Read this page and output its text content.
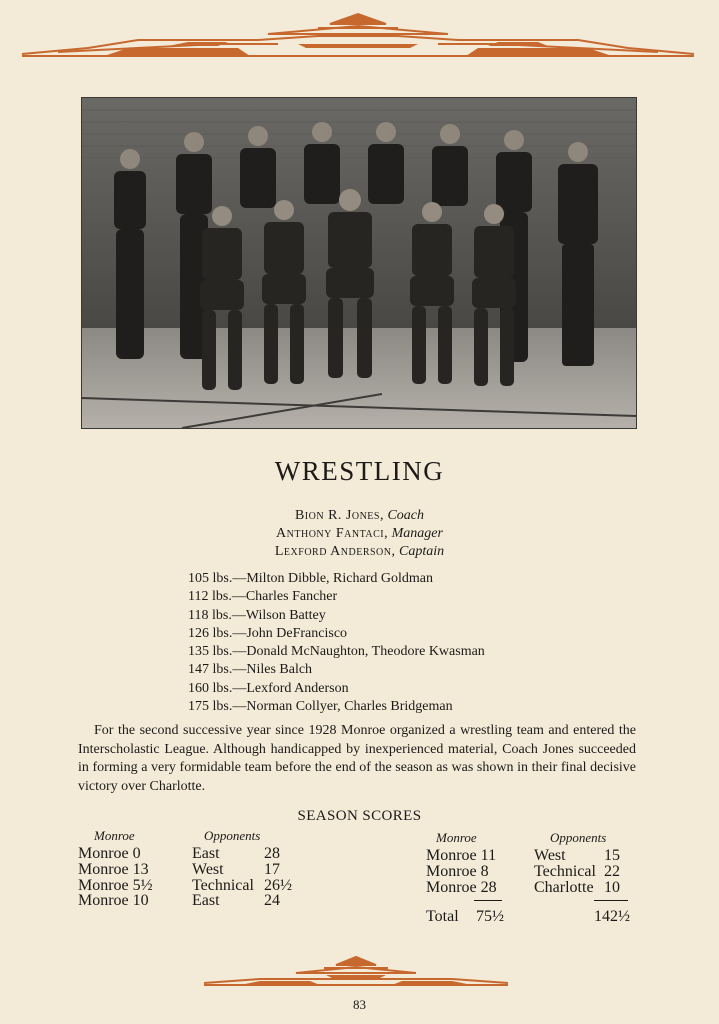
WRESTLING
Bion R. Jones, Coach
Anthony Fantaci, Manager
Lexford Anderson, Captain
105 lbs.—Milton Dibble, Richard Goldman
112 lbs.—Charles Fancher
118 lbs.—Wilson Battey
126 lbs.—John DeFrancisco
135 lbs.—Donald McNaughton, Theodore Kwasman
147 lbs.—Niles Balch
160 lbs.—Lexford Anderson
175 lbs.—Norman Collyer, Charles Bridgeman
For the second successive year since 1928 Monroe organized a wrestling team and entered the Interscholastic League. Although handicapped by inexperienced material, Coach Jones succeeded in forming a very formidable team before the end of the season as was shown in their final decisive victory over Charlotte.
SEASON SCORES
Monroe	Opponents
Monroe 0	East	28
Monroe 13	West	17
Monroe 5½ Technical 26½
Monroe 10	East	24
Monroe	Opponents
Monroe 11 West 15
Monroe 8	Technical 22
Monroe 28 Charlotte 10
Total 75½	142½
83
